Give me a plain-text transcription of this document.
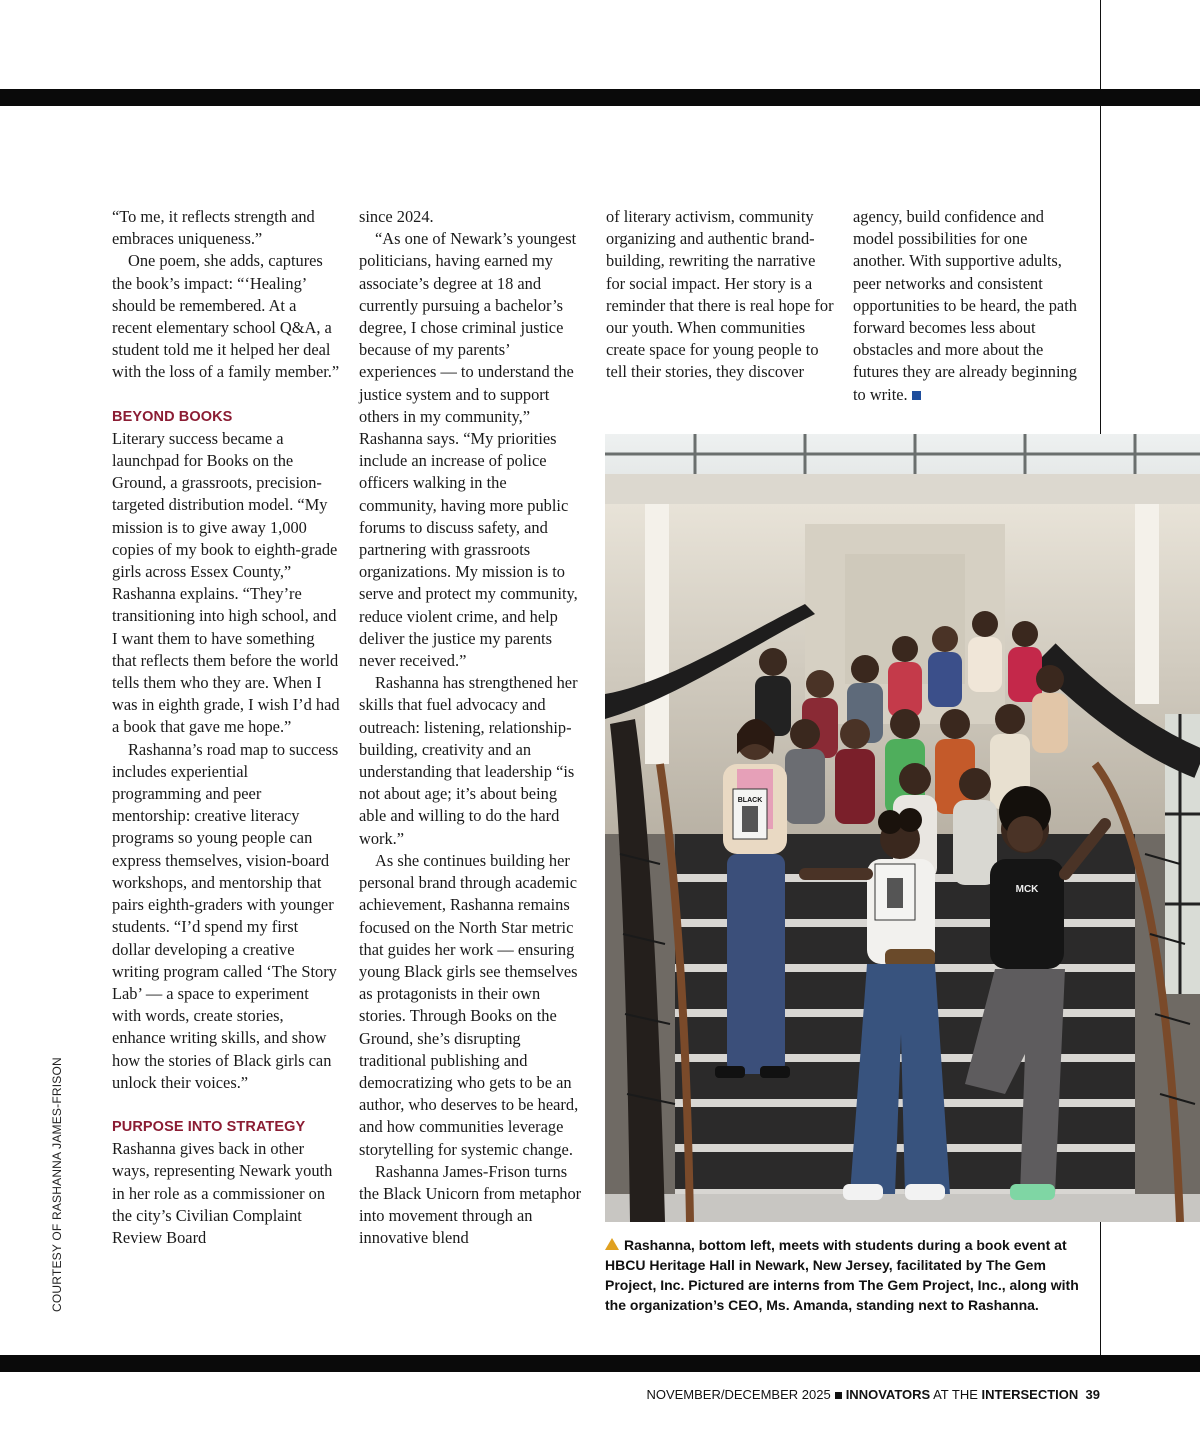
COURTESY OF RASHANNA JAMES-FRISON

“To me, it reflects strength and embraces uniqueness.”

One poem, she adds, captures the book’s impact: “‘Healing’ should be remembered. At a recent elementary school Q&A, a student told me it helped her deal with the loss of a family member.”

BEYOND BOOKS

Literary success became a launchpad for Books on the Ground, a grassroots, precision-targeted distribution model. “My mission is to give away 1,000 copies of my book to eighth-grade girls across Essex County,” Rashanna explains. “They’re transitioning into high school, and I want them to have something that reflects them before the world tells them who they are. When I was in eighth grade, I wish I’d had a book that gave me hope.”

Rashanna’s road map to success includes experiential programming and peer mentorship: creative literacy programs so young people can express themselves, vision-board workshops, and mentorship that pairs eighth-graders with younger students. “I’d spend my first dollar developing a creative writing program called ‘The Story Lab’ — a space to experiment with words, create stories, enhance writing skills, and show how the stories of Black girls can unlock their voices.”

PURPOSE INTO STRATEGY

Rashanna gives back in other ways, representing Newark youth in her role as a commissioner on the city’s Civilian Complaint Review Board

since 2024.

“As one of Newark’s youngest politicians, having earned my associate’s degree at 18 and currently pursuing a bachelor’s degree, I chose criminal justice because of my parents’ experiences — to understand the justice system and to support others in my community,” Rashanna says. “My priorities include an increase of police officers walking in the community, having more public forums to discuss safety, and partnering with grassroots organizations. My mission is to serve and protect my community, reduce violent crime, and help deliver the justice my parents never received.”

Rashanna has strengthened her skills that fuel advocacy and outreach: listening, relationship-building, creativity and an understanding that leadership “is not about age; it’s about being able and willing to do the hard work.”

As she continues building her personal brand through academic achievement, Rashanna remains focused on the North Star metric that guides her work — ensuring young Black girls see themselves as protagonists in their own stories. Through Books on the Ground, she’s disrupting traditional publishing and democratizing who gets to be an author, who deserves to be heard, and how communities leverage storytelling for systemic change.

Rashanna James-Frison turns the Black Unicorn from metaphor into movement through an innovative blend

of literary activism, community organizing and authentic brand-building, rewriting the narrative for social impact. Her story is a reminder that there is real hope for our youth. When communities create space for young people to tell their stories, they discover

agency, build confidence and model possibilities for one another. With supportive adults, peer networks and consistent opportunities to be heard, the path forward becomes less about obstacles and more about the futures they are already beginning to write.

BLACK
MCK
Rashanna, bottom left, meets with students during a book event at HBCU Heritage Hall in Newark, New Jersey, facilitated by The Gem Project, Inc. Pictured are interns from The Gem Project, Inc., along with the organization’s CEO, Ms. Amanda, standing next to Rashanna.
NOVEMBER/DECEMBER 2025 INNOVATORS AT THE INTERSECTION 39
